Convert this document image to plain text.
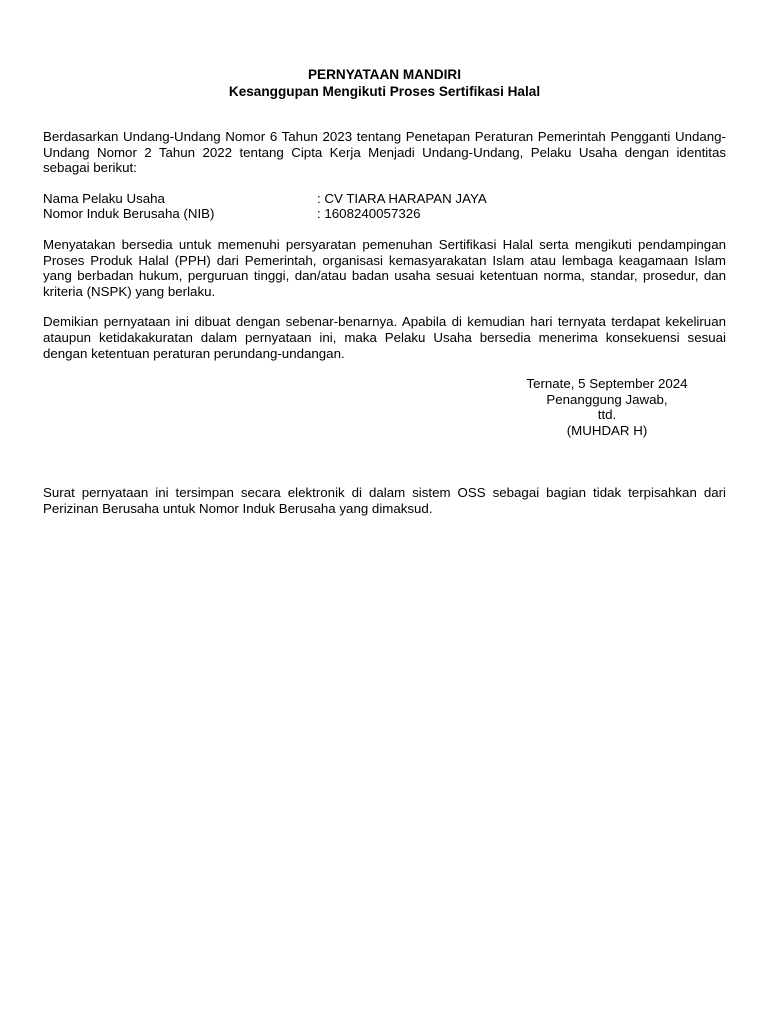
PERNYATAAN MANDIRI
Kesanggupan Mengikuti Proses Sertifikasi Halal

Berdasarkan Undang-Undang Nomor 6 Tahun 2023 tentang Penetapan Peraturan Pemerintah Pengganti Undang-Undang Nomor 2 Tahun 2022 tentang Cipta Kerja Menjadi Undang-Undang, Pelaku Usaha dengan identitas sebagai berikut:

Nama Pelaku Usaha	: CV TIARA HARAPAN JAYA
Nomor Induk Berusaha (NIB)	: 1608240057326

Menyatakan bersedia untuk memenuhi persyaratan pemenuhan Sertifikasi Halal serta mengikuti pendampingan Proses Produk Halal (PPH) dari Pemerintah, organisasi kemasyarakatan Islam atau lembaga keagamaan Islam yang berbadan hukum, perguruan tinggi, dan/atau badan usaha sesuai ketentuan norma, standar, prosedur, dan kriteria (NSPK) yang berlaku.

Demikian pernyataan ini dibuat dengan sebenar-benarnya. Apabila di kemudian hari ternyata terdapat kekeliruan ataupun ketidakakuratan dalam pernyataan ini, maka Pelaku Usaha bersedia menerima konsekuensi sesuai dengan ketentuan peraturan perundang-undangan.

Ternate, 5 September 2024
Penanggung Jawab,
ttd.
(MUHDAR H)

Surat pernyataan ini tersimpan secara elektronik di dalam sistem OSS sebagai bagian tidak terpisahkan dari Perizinan Berusaha untuk Nomor Induk Berusaha yang dimaksud.
